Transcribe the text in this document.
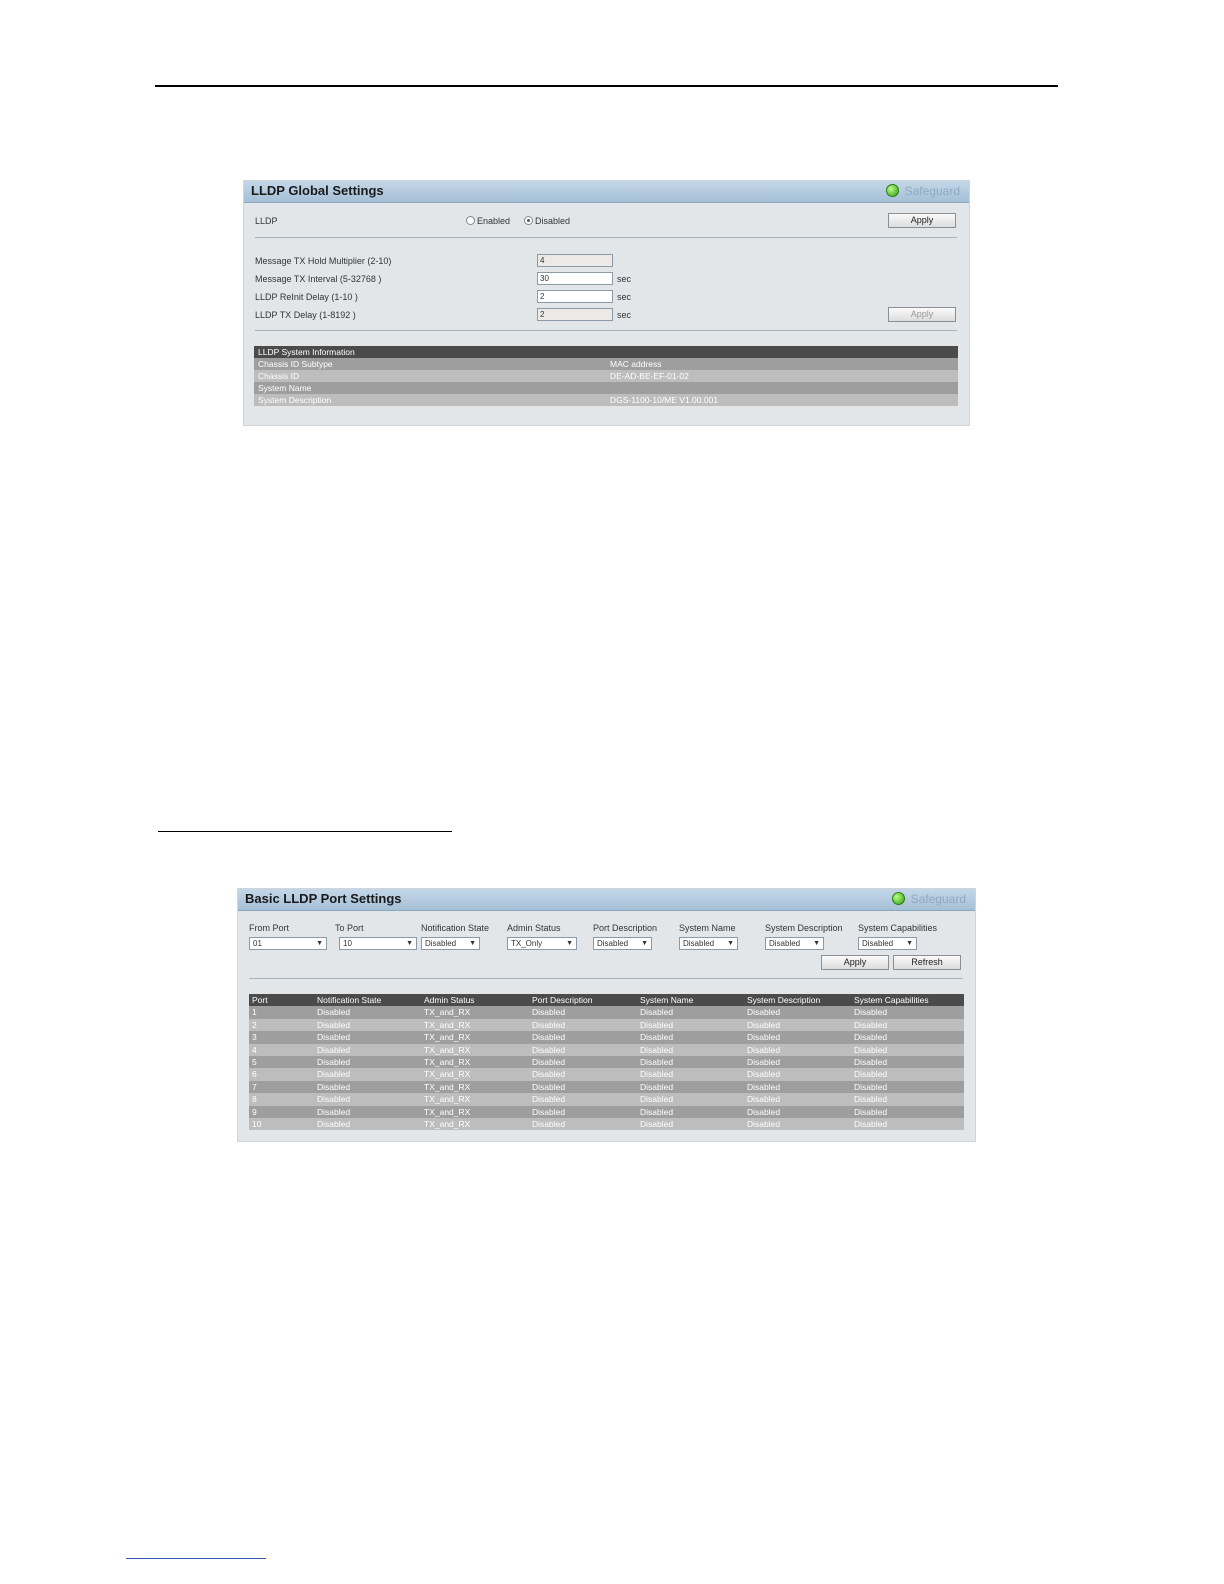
LLDP Global Settings	Safeguard
LLDP	Enabled	Disabled	Apply
Message TX Hold Multiplier (2-10)	4
Message TX Interval (5-32768 )	30	sec
LLDP ReInit Delay (1-10 )	2	sec
LLDP TX Delay (1-8192 )	2	sec	Apply
LLDP System Information
Chassis ID Subtype	MAC address
Chassis ID	DE-AD-BE-EF-01-02
System Name
System Description	DGS-1100-10/ME V1.00.001
Basic LLDP Port Settings	Safeguard
From Port
01	▼
To Port
10	▼
Notification State
Disabled ▼
Admin Status
TX_Only	▼
Port Description
Disabled ▼
System Name
Disabled ▼
System Description
Disabled ▼
System Capabilities
Disabled ▼
Apply	Refresh
Port	Notification State	Admin Status	Port Description	System Name	System Description	System Capabilities
1	Disabled	TX_and_RX	Disabled	Disabled	Disabled	Disabled
2	Disabled	TX_and_RX	Disabled	Disabled	Disabled	Disabled
3	Disabled	TX_and_RX	Disabled	Disabled	Disabled	Disabled
4	Disabled	TX_and_RX	Disabled	Disabled	Disabled	Disabled
5	Disabled	TX_and_RX	Disabled	Disabled	Disabled	Disabled
6	Disabled	TX_and_RX	Disabled	Disabled	Disabled	Disabled
7	Disabled	TX_and_RX	Disabled	Disabled	Disabled	Disabled
8	Disabled	TX_and_RX	Disabled	Disabled	Disabled	Disabled
9	Disabled	TX_and_RX	Disabled	Disabled	Disabled	Disabled
10	Disabled	TX_and_RX	Disabled	Disabled	Disabled	Disabled
